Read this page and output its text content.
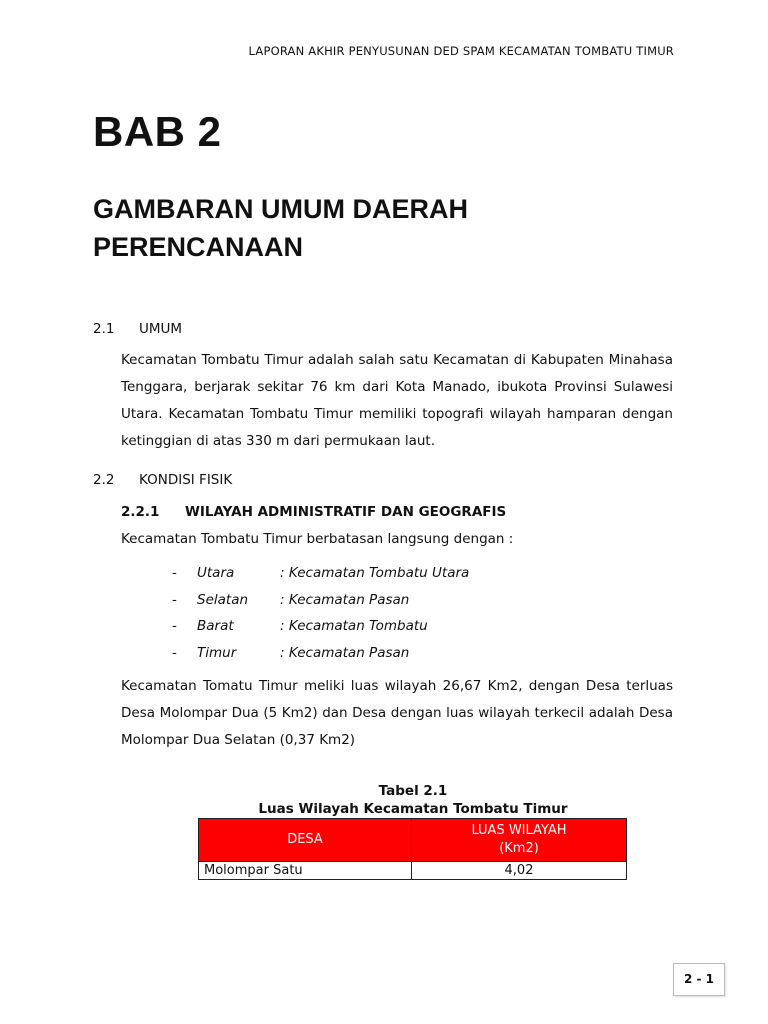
LAPORAN AKHIR PENYUSUNAN DED SPAM KECAMATAN TOMBATU TIMUR
BAB 2
GAMBARAN UMUM DAERAH PERENCANAAN
2.1 UMUM
Kecamatan Tombatu Timur adalah salah satu Kecamatan di Kabupaten Minahasa Tenggara, berjarak sekitar 76 km dari Kota Manado, ibukota Provinsi Sulawesi Utara. Kecamatan Tombatu Timur memiliki topografi wilayah hamparan dengan ketinggian di atas 330 m dari permukaan laut.
2.2 KONDISI FISIK
2.2.1 WILAYAH ADMINISTRATIF DAN GEOGRAFIS
Kecamatan Tombatu Timur berbatasan langsung dengan :
- Utara	: Kecamatan Tombatu Utara
- Selatan : Kecamatan Pasan
- Barat	: Kecamatan Tombatu
- Timur	: Kecamatan Pasan
Kecamatan Tomatu Timur meliki luas wilayah 26,67 Km2, dengan Desa terluas Desa Molompar Dua (5 Km2) dan Desa dengan luas wilayah terkecil adalah Desa Molompar Dua Selatan (0,37 Km2)
Tabel 2.1
Luas Wilayah Kecamatan Tombatu Timur
DESA	LUAS WILAYAH
(Km2)

Molompar Satu	4,02
2 - 1
